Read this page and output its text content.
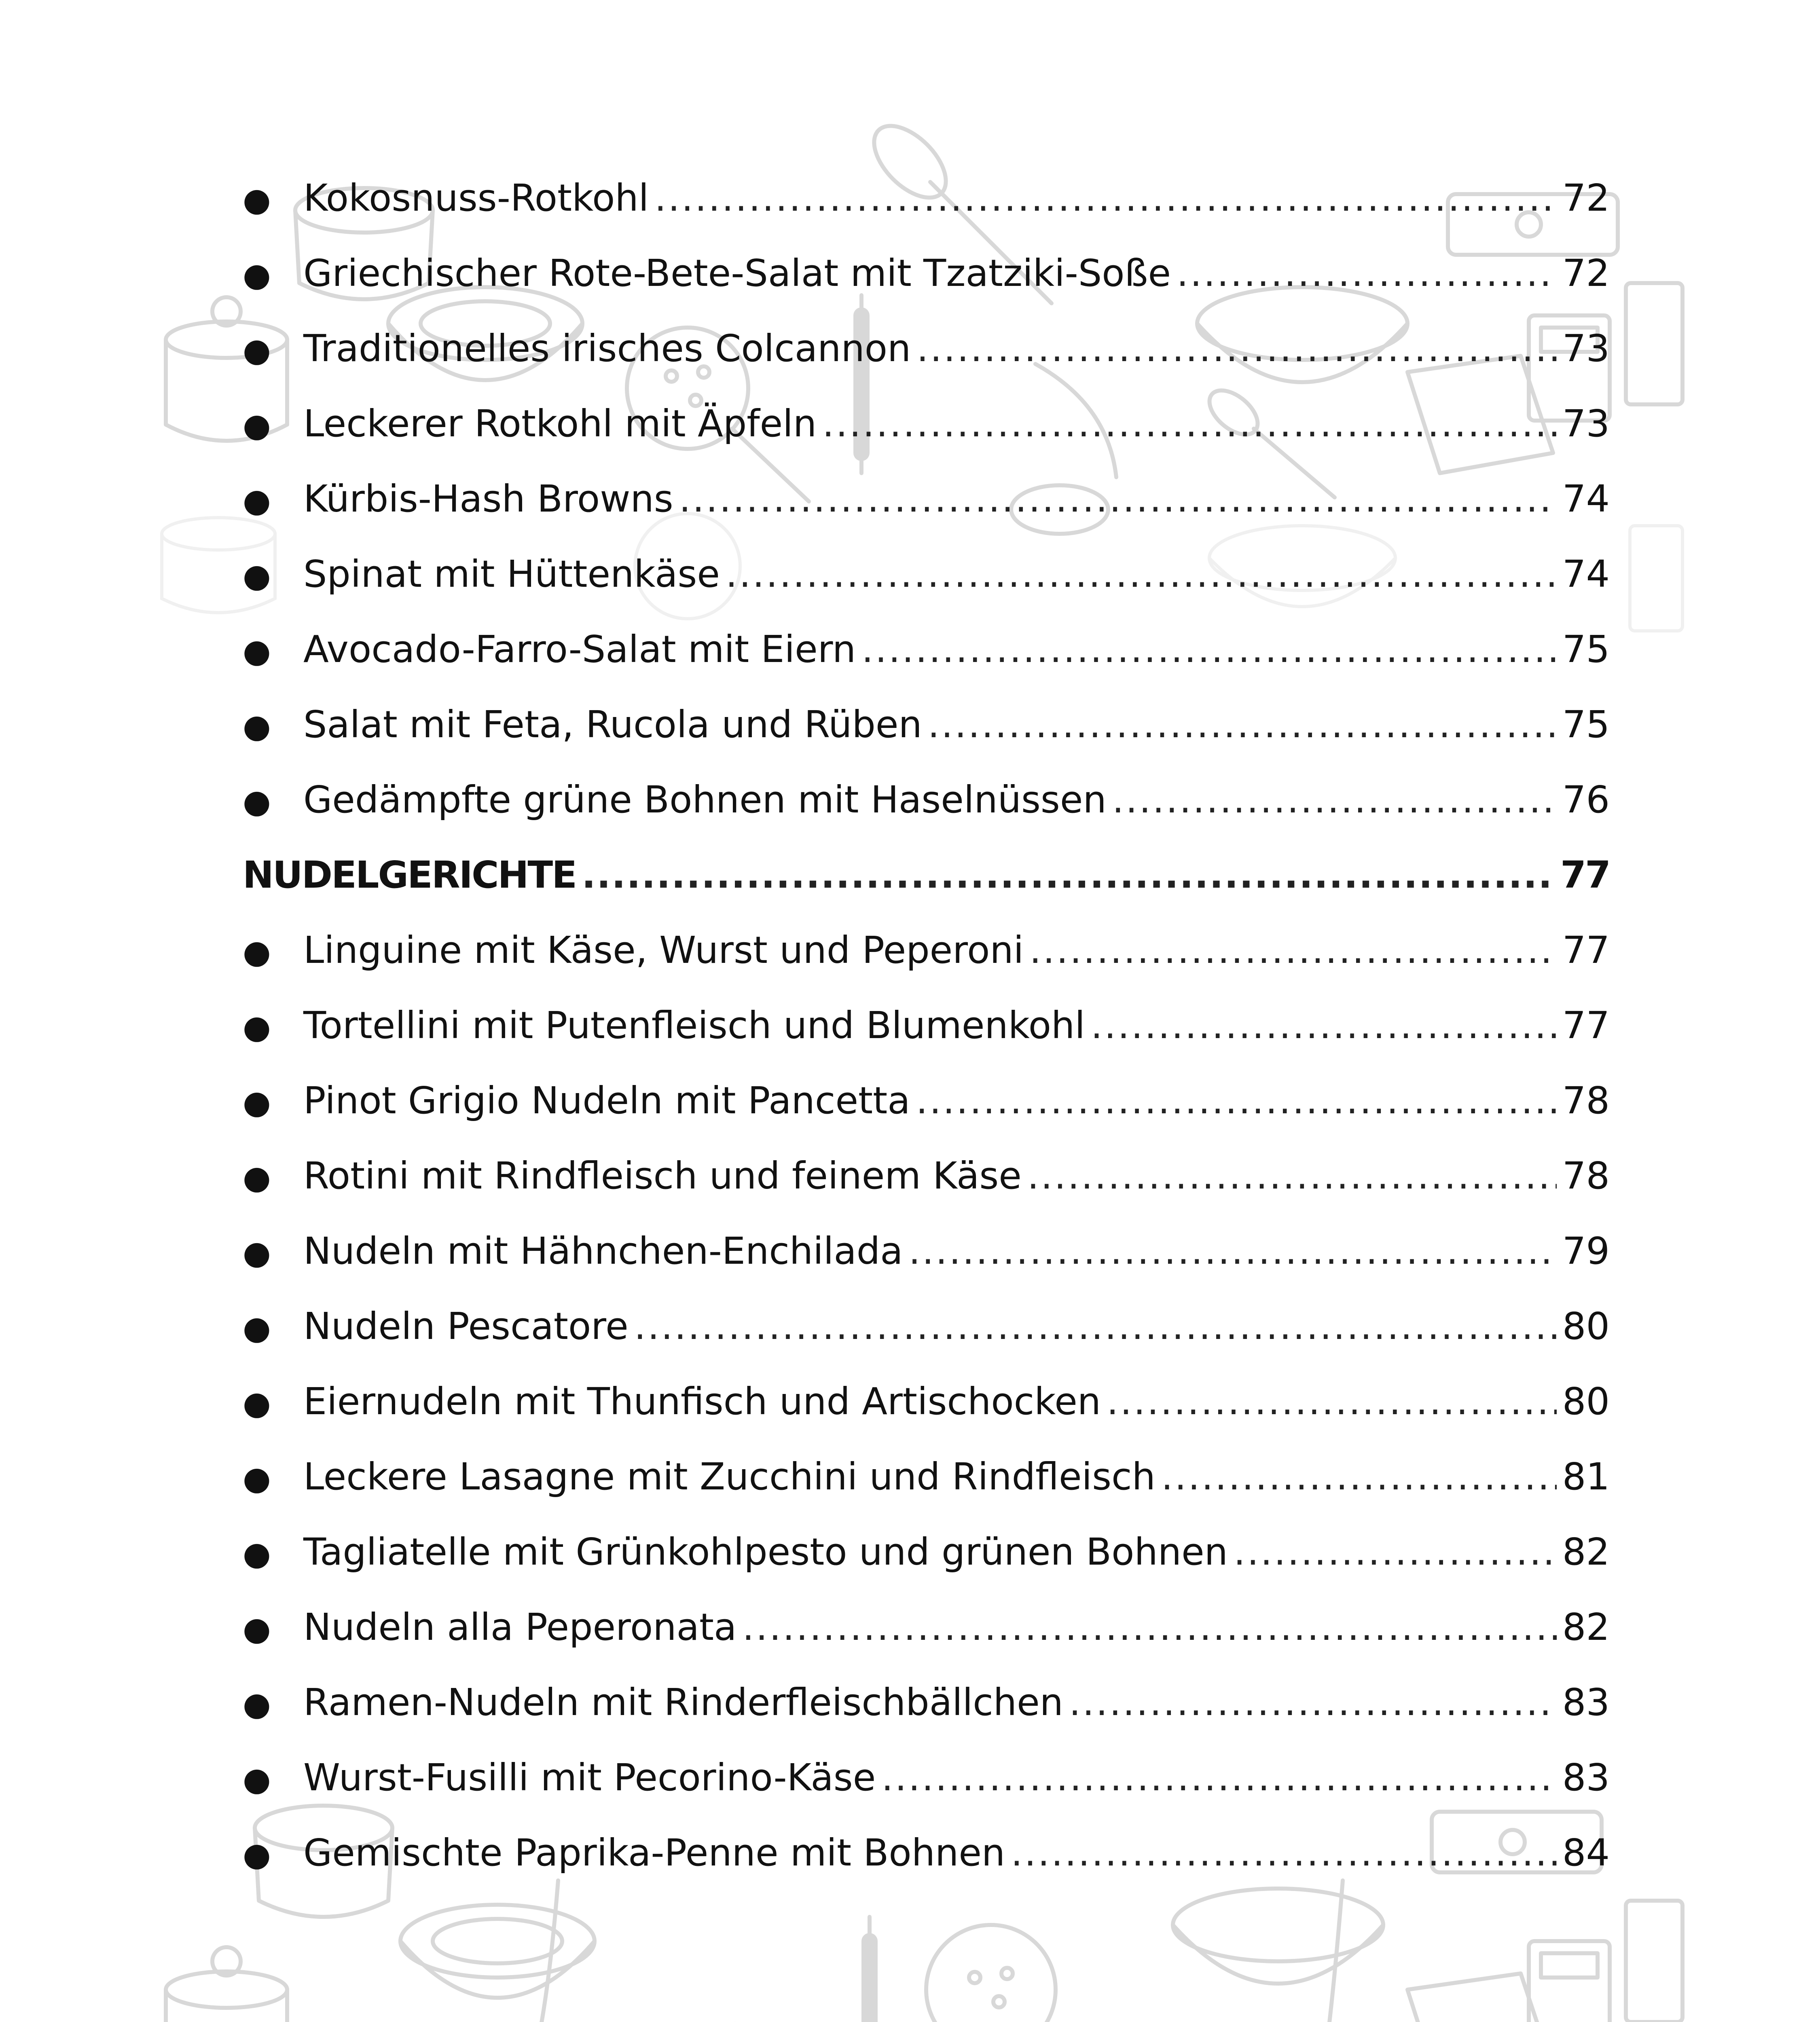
● Kokosnuss-Rotkohl .....	72
● Griechischer Rote-Bete-Salat mit Tzatziki-Soße .....	72
● Traditionelles irisches Colcannon .....	73
● Leckerer Rotkohl mit Äpfeln .....	73
● Kürbis-Hash Browns .....	74
● Spinat mit Hüttenkäse .....	74
● Avocado-Farro-Salat mit Eiern .....	75
● Salat mit Feta, Rucola und Rüben .....	75
● Gedämpfte grüne Bohnen mit Haselnüssen .....	76
NUDELGERICHTE .....	77
● Linguine mit Käse, Wurst und Peperoni .....	77
● Tortellini mit Putenfleisch und Blumenkohl .....	77
● Pinot Grigio Nudeln mit Pancetta .....	78
● Rotini mit Rindfleisch und feinem Käse .....	78
● Nudeln mit Hähnchen-Enchilada .....	79
● Nudeln Pescatore .....	80
● Eiernudeln mit Thunfisch und Artischocken .....	80
● Leckere Lasagne mit Zucchini und Rindfleisch .....	81
● Tagliatelle mit Grünkohlpesto und grünen Bohnen .....	82
● Nudeln alla Peperonata .....	82
● Ramen-Nudeln mit Rinderfleischbällchen .....	83
● Wurst-Fusilli mit Pecorino-Käse .....	83
● Gemischte Paprika-Penne mit Bohnen .....	84
